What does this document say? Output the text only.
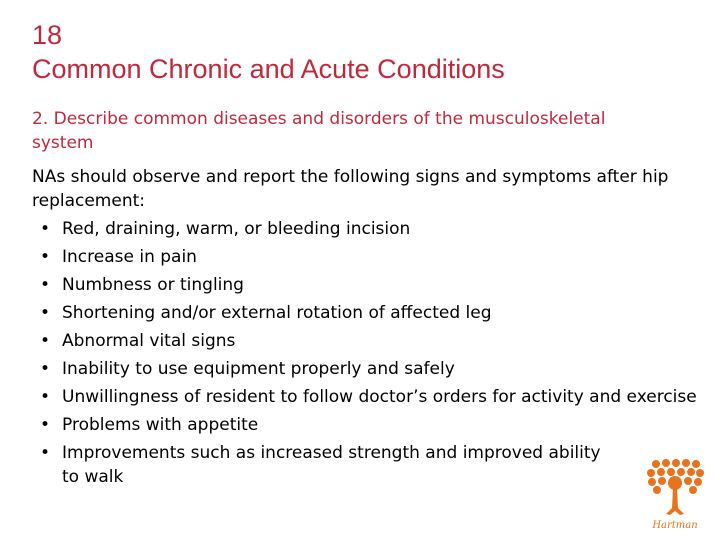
18
Common Chronic and Acute Conditions
2. Describe common diseases and disorders of the musculoskeletal system
NAs should observe and report the following signs and symptoms after hip replacement:
• Red, draining, warm, or bleeding incision
• Increase in pain
• Numbness or tingling
• Shortening and/or external rotation of affected leg
• Abnormal vital signs
• Inability to use equipment properly and safely
• Unwillingness of resident to follow doctor’s orders for activity and exercise
• Problems with appetite
• Improvements such as increased strength and improved ability to walk
Hartman
